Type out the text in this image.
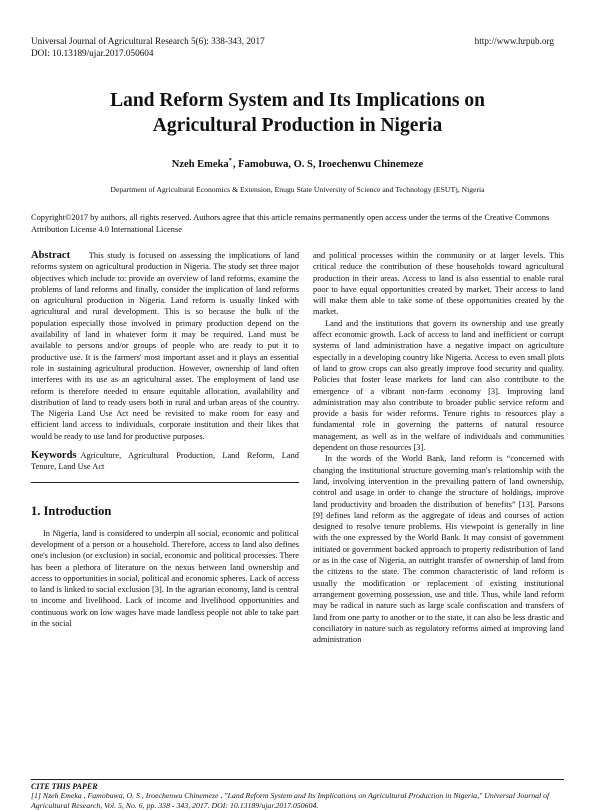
Universal Journal of Agricultural Research 5(6): 338-343, 2017
DOI: 10.13189/ujar.2017.050604
http://www.hrpub.org
Land Reform System and Its Implications on
Agricultural Production in Nigeria
Nzeh Emeka*, Famobuwa, O. S, Iroechenwu Chinemeze
Department of Agricultural Economics & Extension, Enugu State University of Science and Technology (ESUT), Nigeria
Copyright©2017 by authors, all rights reserved. Authors agree that this article remains permanently open access under the terms of the Creative Commons Attribution License 4.0 International License

Abstract This study is focused on assessing the implications of land reforms system on agricultural production in Nigeria. The study set three major objectives which include to: provide an overview of land reforms, examine the problems of land reforms and finally, consider the implication of land reforms on agricultural production in Nigeria. Land reform is usually linked with agricultural and rural development. This is so because the bulk of the population especially those involved in primary production depend on the availability of land in whatever form it may be required. Land must be available to persons and/or groups of people who are ready to put it to productive use. It is the farmers' most important asset and it plays an essential role in sustaining agricultural production. However, ownership of land often interferes with its use as an agricultural asset. The employment of land use reform is therefore needed to ensure equitable allocation, availability and distribution of land to ready users both in rural and urban areas of the country. The Nigeria Land Use Act need be revisited to make room for easy and efficient land access to individuals, corporate institution and their likes that would be ready to use land for productive purposes.

Keywords Agriculture, Agricultural Production, Land Reform, Land Tenure, Land Use Act

1. Introduction

In Nigeria, land is considered to underpin all social, economic and political development of a person or a household. Therefore, access to land also defines one's inclusion (or exclusion) in social, economic and political processes. There has been a plethora of literature on the nexus between land ownership and access to opportunities in social, political and economic spheres. Lack of access to land is linked to social exclusion [3]. In the agrarian economy, land is central to income and livelihood. Lack of income and livelihood opportunities and continuous work on low wages have made landless people not able to take part in the social

and political processes within the community or at larger levels. This critical reduce the contribution of these households toward agricultural production in their areas. Access to land is also essential to enable rural poor to have equal opportunities created by market. Their access to land will make them able to take some of these opportunities created by the market.

Land and the institutions that govern its ownership and use greatly affect economic growth. Lack of access to land and inefficient or corrupt systems of land administration have a negative impact on agriculture especially in a developing country like Nigeria. Access to even small plots of land to grow crops can also greatly improve food security and quality. Policies that foster lease markets for land can also contribute to the emergence of a vibrant non-farm economy [3]. Improving land administration may also contribute to broader public service reform and provide a basis for wider reforms. Tenure rights to resources play a fundamental role in governing the patterns of natural resource management, as well as in the welfare of individuals and communities dependent on those resources [3].

In the words of the World Bank, land reform is “concerned with changing the institutional structure governing man's relationship with the land, involving intervention in the prevailing pattern of land ownership, control and usage in order to change the structure of holdings, improve land productivity and broaden the distribution of benefits” [13]. Parsons [9] defines land reform as the aggregate of ideas and courses of action designed to resolve tenure problems. His viewpoint is generally in line with the one expressed by the World Bank. It may consist of government initiated or government backed approach to property redistribution of land or as in the case of Nigeria, an outright transfer of ownership of land from the citizens to the state. The common characteristic of land reform is usually the modification or replacement of existing institutional arrangement governing possession, use and title. Thus, while land reform may be radical in nature such as large scale confiscation and transfers of land from one party to another or to the state, it can also be less drastic and conciliatory in nature such as regulatory reforms aimed at improving land administration

CITE THIS PAPER
[1] Nzeh Emeka , Famobuwa, O. S , Iroechenwu Chinemeze , "Land Reform System and Its Implications on Agricultural Production in Nigeria," Universal Journal of Agricultural Research, Vol. 5, No. 6, pp. 338 - 343, 2017. DOI: 10.13189/ujar.2017.050604.
